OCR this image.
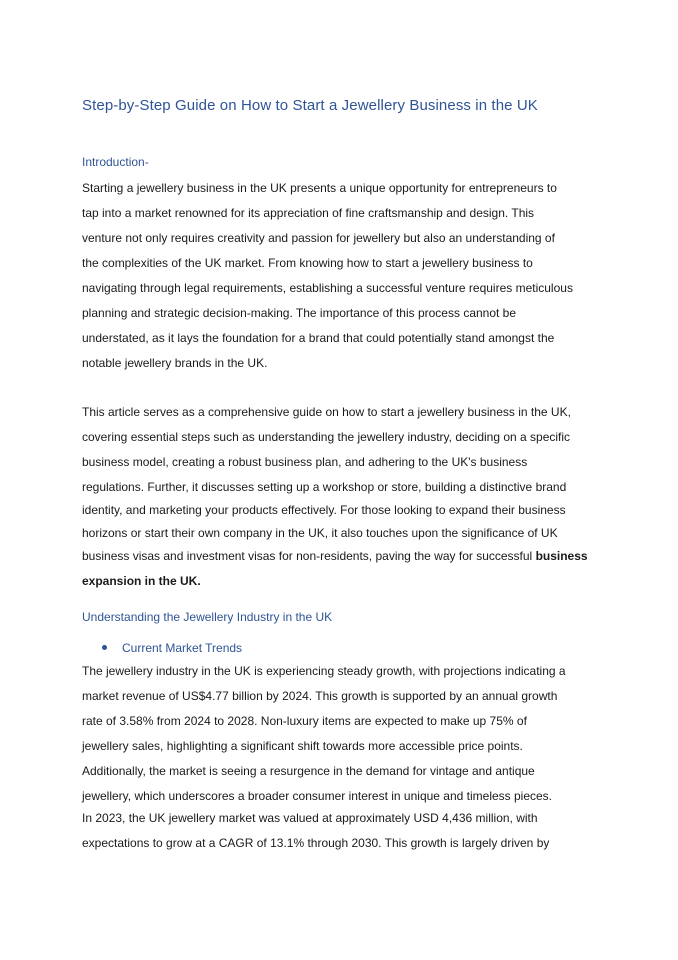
Step-by-Step Guide on How to Start a Jewellery Business in the UK
Introduction-
Starting a jewellery business in the UK presents a unique opportunity for entrepreneurs to
tap into a market renowned for its appreciation of fine craftsmanship and design. This
venture not only requires creativity and passion for jewellery but also an understanding of
the complexities of the UK market. From knowing how to start a jewellery business to
navigating through legal requirements, establishing a successful venture requires meticulous
planning and strategic decision-making. The importance of this process cannot be
understated, as it lays the foundation for a brand that could potentially stand amongst the
notable jewellery brands in the UK.
This article serves as a comprehensive guide on how to start a jewellery business in the UK,
covering essential steps such as understanding the jewellery industry, deciding on a specific
business model, creating a robust business plan, and adhering to the UK's business
regulations. Further, it discusses setting up a workshop or store, building a distinctive brand
identity, and marketing your products effectively. For those looking to expand their business
horizons or start their own company in the UK, it also touches upon the significance of UK
business visas and investment visas for non-residents, paving the way for successful business
expansion in the UK.
Understanding the Jewellery Industry in the UK
Current Market Trends
The jewellery industry in the UK is experiencing steady growth, with projections indicating a
market revenue of US$4.77 billion by 2024. This growth is supported by an annual growth
rate of 3.58% from 2024 to 2028. Non-luxury items are expected to make up 75% of
jewellery sales, highlighting a significant shift towards more accessible price points.
Additionally, the market is seeing a resurgence in the demand for vintage and antique
jewellery, which underscores a broader consumer interest in unique and timeless pieces.
In 2023, the UK jewellery market was valued at approximately USD 4,436 million, with
expectations to grow at a CAGR of 13.1% through 2030. This growth is largely driven by
